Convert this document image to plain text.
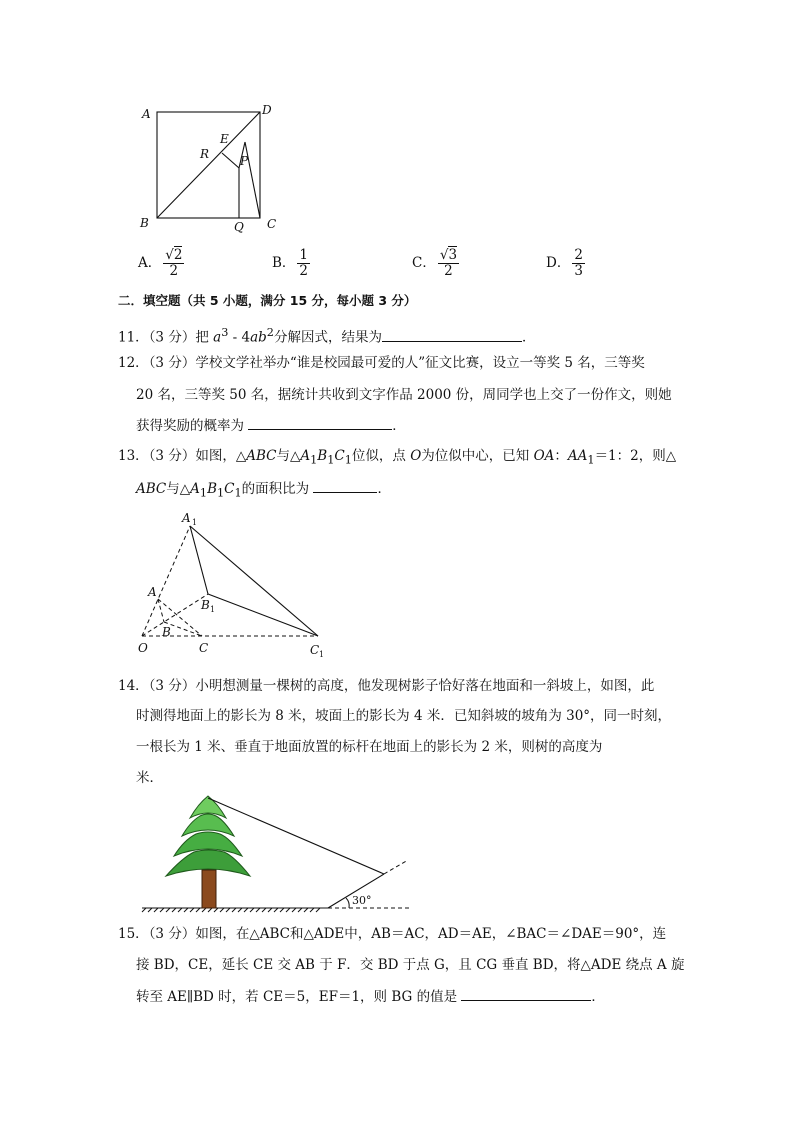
A	D
E
R	P
B	Q C
A． $\frac{√2}{2}$	B． $\frac{1}{2}$	C． $\frac{√3}{2}$	D． $\frac{2}{3}$
二．填空题（共 5 小题，满分 15 分，每小题 3 分）
11．（3 分）把 $a^3 - 4ab^2$分解因式，结果为	．
12．（3 分）学校文学社举办“谁是校园最可爱的人”征文比赛，设立一等奖 5 名，三等奖
20 名，三等奖 50 名，据统计共收到文字作品 2000 份，周同学也上交了一份作文，则她
获得奖励的概率为	．
13．（3 分）如图，△ABC与$\triangle A_1B_1C_1$位似，点 O为位似中心，已知 OA：$AA_1=1$：2，则△
ABC与$\triangle A_1B_1C_1$的面积比为	．
A 1
A
B 1
B
O	C	C 1
14．（3 分）小明想测量一棵树的高度，他发现树影子恰好落在地面和一斜坡上，如图，此
时测得地面上的影长为 8 米，坡面上的影长为 4 米．已知斜坡的坡角为 30°，同一时刻，
一根长为 1 米、垂直于地面放置的标杆在地面上的影长为 2 米，则树的高度为
米．
30°
15．（3 分）如图，在△ABC和△ADE中，AB＝AC，AD＝AE，∠BAC＝∠DAE＝90°，连
接 BD，CE，延长 CE 交 AB 于 F．交 BD 于点 G，且 CG 垂直 BD，将△ADE 绕点 A 旋
转至 AE∥BD 时，若 CE＝5，EF＝1，则 BG 的值是	．
